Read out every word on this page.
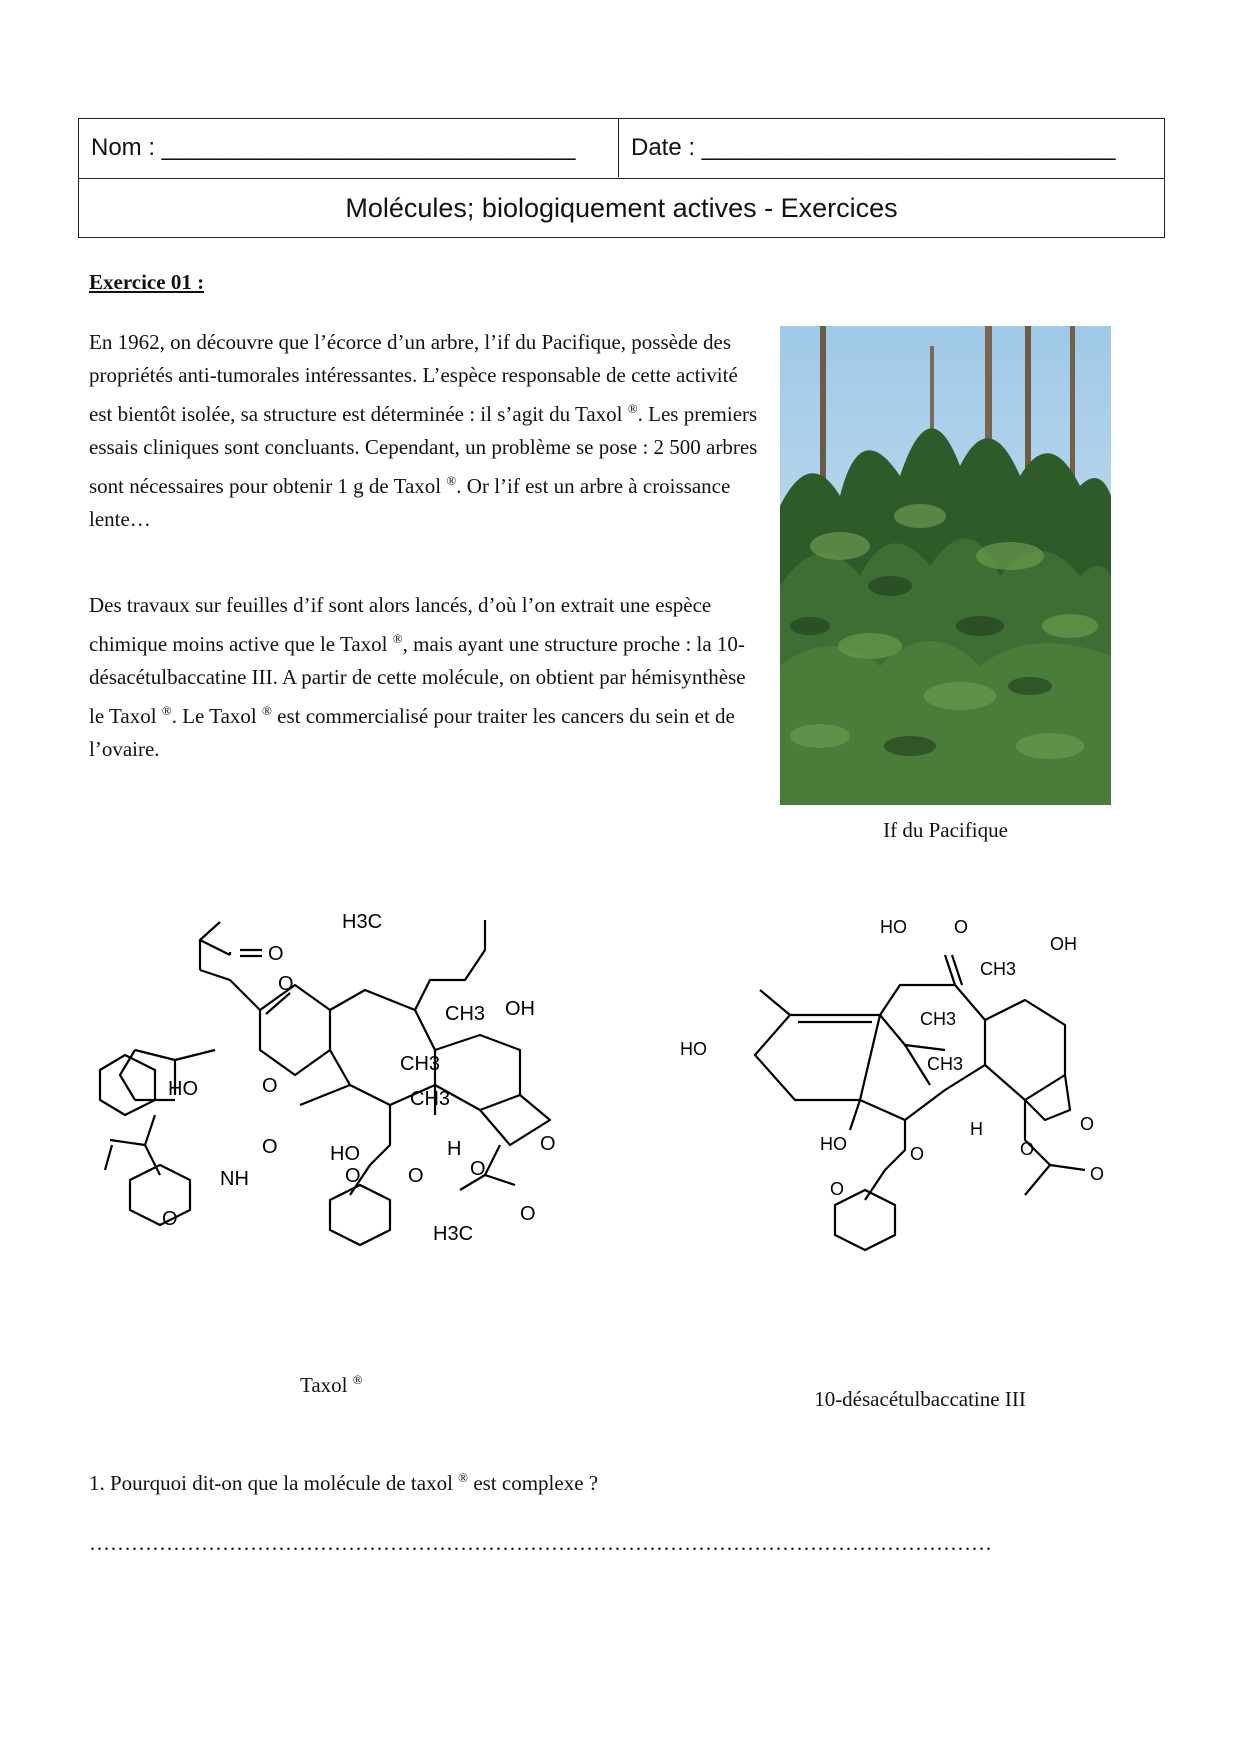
Nom : _______________________________	Date : _______________________________
Molécules; biologiquement actives - Exercices
Exercice 01 :

En 1962, on découvre que l’écorce d’un arbre, l’if du Pacifique, possède des propriétés anti-tumorales intéressantes. L’espèce responsable de cette activité est bientôt isolée, sa structure est déterminée : il s’agit du Taxol ®. Les premiers essais cliniques sont concluants. Cependant, un problème se pose : 2 500 arbres sont nécessaires pour obtenir 1 g de Taxol ®. Or l’if est un arbre à croissance lente…

Des travaux sur feuilles d’if sont alors lancés, d’où l’on extrait une espèce chimique moins active que le Taxol ®, mais ayant une structure proche : la 10-désacétulbaccatine III. A partir de cette molécule, on obtient par hémisynthèse le Taxol ®. Le Taxol ® est commercialisé pour traiter les cancers du sein et de l’ovaire.

If du Pacifique
H3C
O
O
OH
CH3
CH3
CH3
HO	O
O
NH
O
HO
O O
H
O
O
H3C
O
Taxol ®
HO	O
OH
CH3
CH3
CH3
HO
H	O
HO	O
O
O
O
10-désacétulbaccatine III

1. Pourquoi dit-on que la molécule de taxol ® est complexe ?

…………………………………………………………………………………………………………………
